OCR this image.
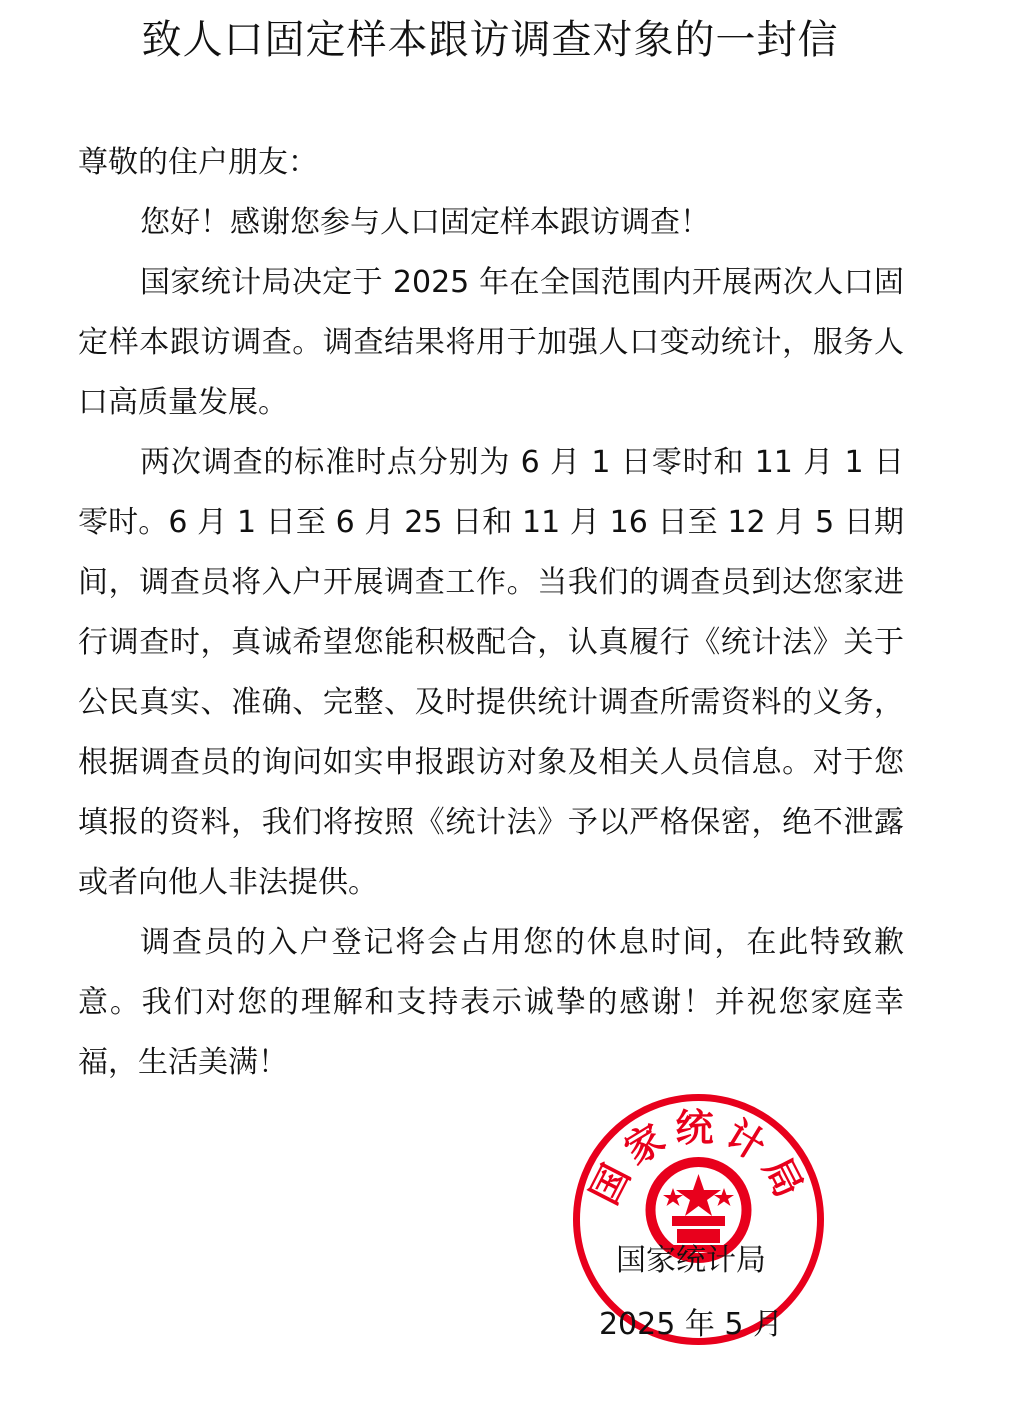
致人口固定样本跟访调查对象的一封信

尊敬的住户朋友：

您好！感谢您参与人口固定样本跟访调查！

国家统计局决定于 2025 年在全国范围内开展两次人口固定样本跟访调查。调查结果将用于加强人口变动统计，服务人口高质量发展。

两次调查的标准时点分别为 6 月 1 日零时和 11 月 1 日零时。6 月 1 日至 6 月 25 日和 11 月 16 日至 12 月 5 日期间，调查员将入户开展调查工作。当我们的调查员到达您家进行调查时，真诚希望您能积极配合，认真履行《统计法》关于公民真实、准确、完整、及时提供统计调查所需资料的义务，根据调查员的询问如实申报跟访对象及相关人员信息。对于您填报的资料，我们将按照《统计法》予以严格保密，绝不泄露或者向他人非法提供。

调查员的入户登记将会占用您的休息时间，在此特致歉意。我们对您的理解和支持表示诚挚的感谢！并祝您家庭幸福，生活美满！

国家统计局
国家统计局
2025 年 5 月
